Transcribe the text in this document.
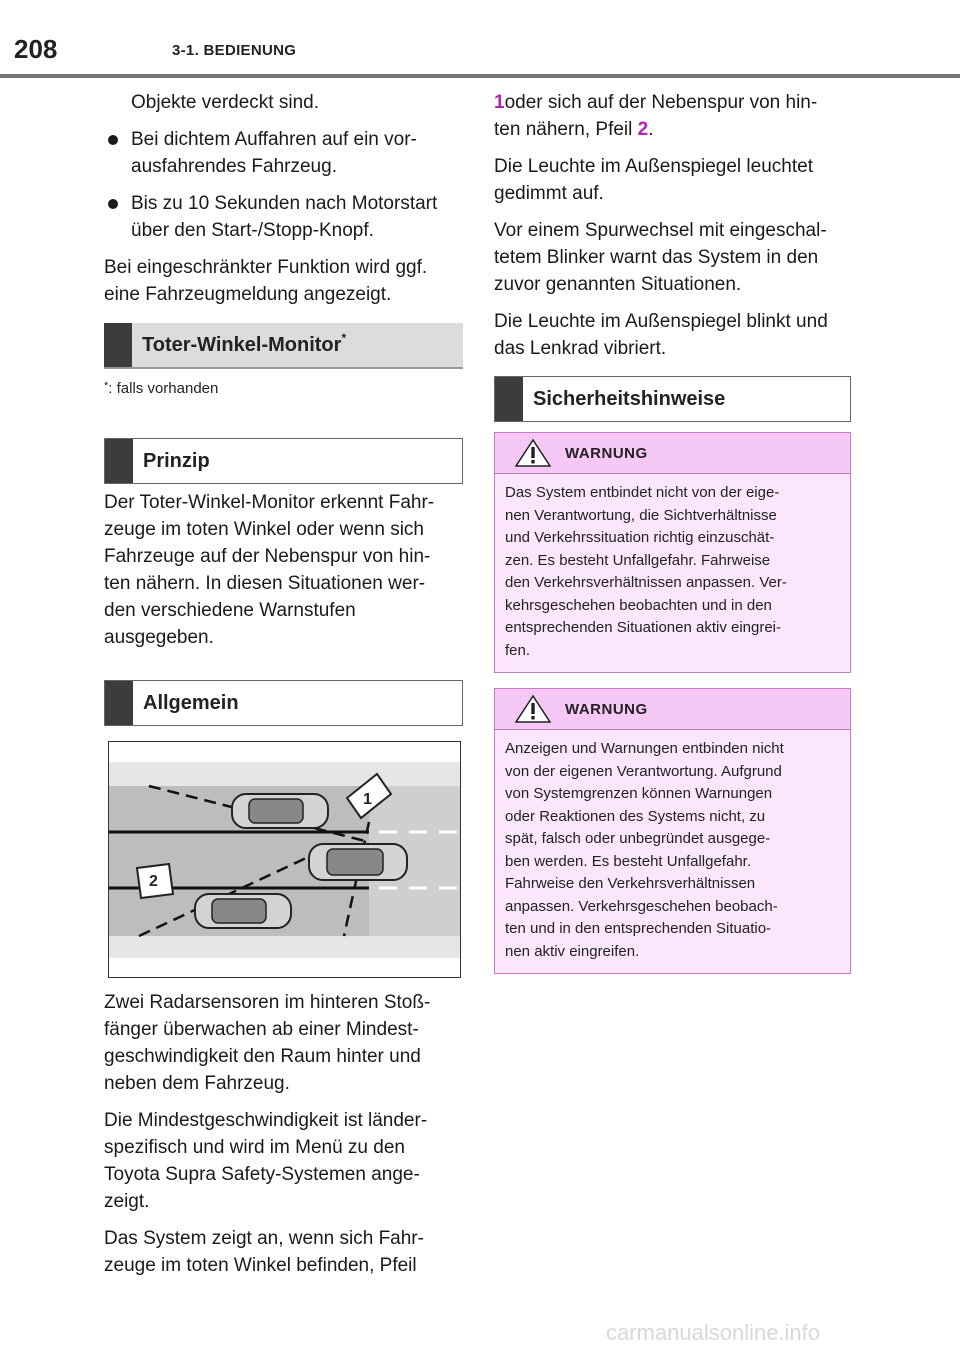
208	3-1. BEDIENUNG

Objekte verdeckt sind.

Bei dichtem Auffahren auf ein vor-
ausfahrendes Fahrzeug.
Bis zu 10 Sekunden nach Motorstart
über den Start-/Stopp-Knopf.

Bei eingeschränkter Funktion wird ggf.

eine Fahrzeugmeldung angezeigt.

Toter-Winkel-Monitor*
*: falls vorhanden
Prinzip

Der Toter-Winkel-Monitor erkennt Fahr-

zeuge im toten Winkel oder wenn sich

Fahrzeuge auf der Nebenspur von hin-

ten nähern. In diesen Situationen wer-

den verschiedene Warnstufen

ausgegeben.

Allgemein
1
2

Zwei Radarsensoren im hinteren Stoß-

fänger überwachen ab einer Mindest-

geschwindigkeit den Raum hinter und

neben dem Fahrzeug.

Die Mindestgeschwindigkeit ist länder-

spezifisch und wird im Menü zu den

Toyota Supra Safety-Systemen ange-

zeigt.

Das System zeigt an, wenn sich Fahr-

zeuge im toten Winkel befinden, Pfeil

1oder sich auf der Nebenspur von hin-

ten nähern, Pfeil 2.

Die Leuchte im Außenspiegel leuchtet

gedimmt auf.

Vor einem Spurwechsel mit eingeschal-

tetem Blinker warnt das System in den

zuvor genannten Situationen.

Die Leuchte im Außenspiegel blinkt und

das Lenkrad vibriert.

Sicherheitshinweise
WARNUNG
Das System entbindet nicht von der eige-
nen Verantwortung, die Sichtverhältnisse
und Verkehrssituation richtig einzuschät-
zen. Es besteht Unfallgefahr. Fahrweise
den Verkehrsverhältnissen anpassen. Ver-
kehrsgeschehen beobachten und in den
entsprechenden Situationen aktiv eingrei-
fen.
WARNUNG
Anzeigen und Warnungen entbinden nicht
von der eigenen Verantwortung. Aufgrund
von Systemgrenzen können Warnungen
oder Reaktionen des Systems nicht, zu
spät, falsch oder unbegründet ausgege-
ben werden. Es besteht Unfallgefahr.
Fahrweise den Verkehrsverhältnissen
anpassen. Verkehrsgeschehen beobach-
ten und in den entsprechenden Situatio-
nen aktiv eingreifen.
carmanualsonline.info
